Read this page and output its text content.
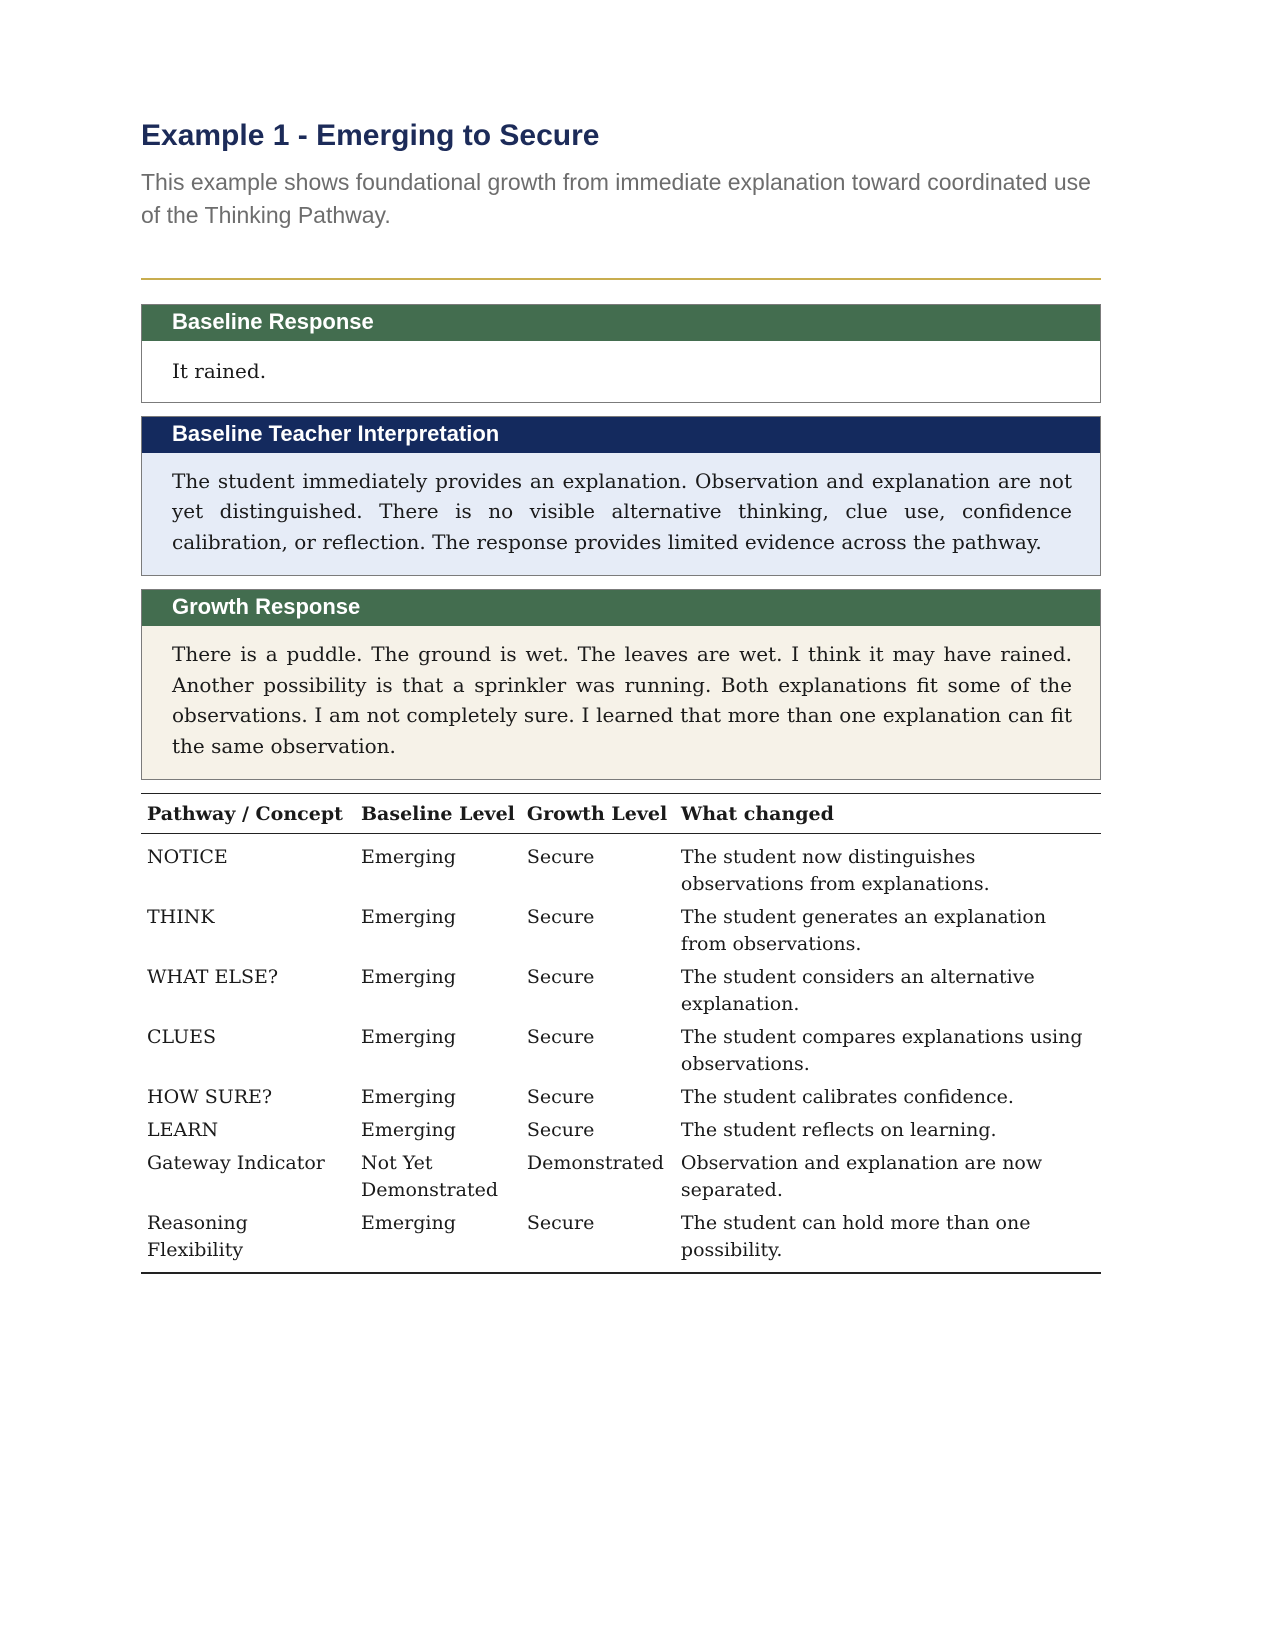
Example 1 - Emerging to Secure

This example shows foundational growth from immediate explanation toward coordinated use of the Thinking Pathway.

Baseline Response
It rained.
Baseline Teacher Interpretation
The student immediately provides an explanation. Observation and explanation are not yet distinguished. There is no visible alternative thinking, clue use, confidence calibration, or reflection. The response provides limited evidence across the pathway.
Growth Response
There is a puddle. The ground is wet. The leaves are wet. I think it may have rained. Another possibility is that a sprinkler was running. Both explanations fit some of the observations. I am not completely sure. I learned that more than one explanation can fit the same observation.
Pathway / Concept	Baseline Level	Growth Level	What changed
NOTICE	Emerging	Secure	The student now distinguishes observations from explanations.
THINK	Emerging	Secure	The student generates an explanation from observations.
WHAT ELSE?	Emerging	Secure	The student considers an alternative explanation.
CLUES	Emerging	Secure	The student compares explanations using observations.
HOW SURE?	Emerging	Secure	The student calibrates confidence.
LEARN	Emerging	Secure	The student reflects on learning.
Gateway Indicator	Not Yet Demonstrated	Demonstrated	Observation and explanation are now separated.
Reasoning Flexibility	Emerging	Secure	The student can hold more than one possibility.
